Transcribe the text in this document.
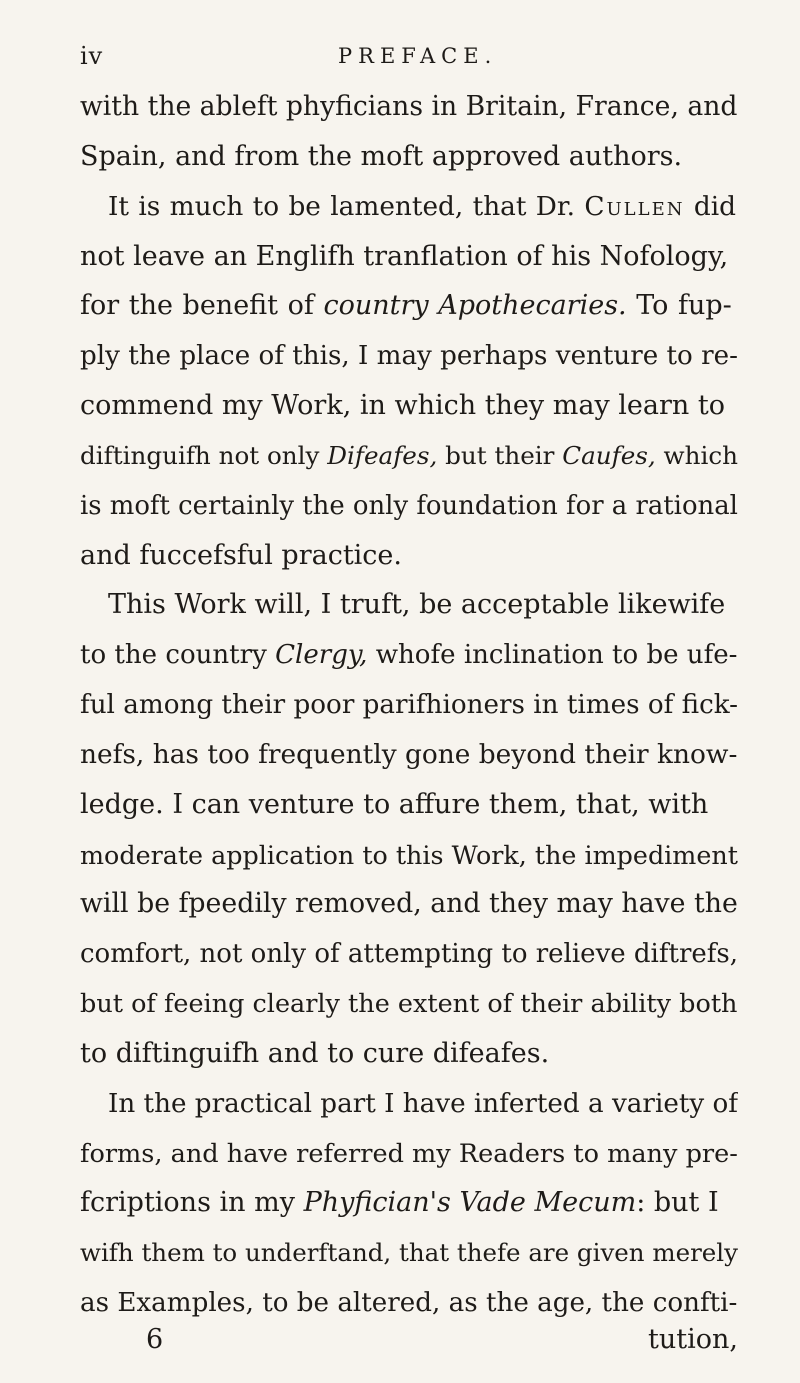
iv	PREFACE.
with the ableft phyficians in Britain, France, and
Spain, and from the moft approved authors.
It is much to be lamented, that Dr. Cullen did
not leave an Englifh tranflation of his Nofology,
for the benefit of country Apothecaries. To fup-
ply the place of this, I may perhaps venture to re-
commend my Work, in which they may learn to
diftinguifh not only Difeafes, but their Caufes, which
is moft certainly the only foundation for a rational
and fuccefsful practice.
This Work will, I truft, be acceptable likewife
to the country Clergy, whofe inclination to be ufe-
ful among their poor parifhioners in times of fick-
nefs, has too frequently gone beyond their know-
ledge. I can venture to affure them, that, with
moderate application to this Work, the impediment
will be fpeedily removed, and they may have the
comfort, not only of attempting to relieve diftrefs,
but of feeing clearly the extent of their ability both
to diftinguifh and to cure difeafes.
In the practical part I have inferted a variety of
forms, and have referred my Readers to many pre-
fcriptions in my Phyfician's Vade Mecum: but I
wifh them to underftand, that thefe are given merely
as Examples, to be altered, as the age, the confti-
6	tution,
